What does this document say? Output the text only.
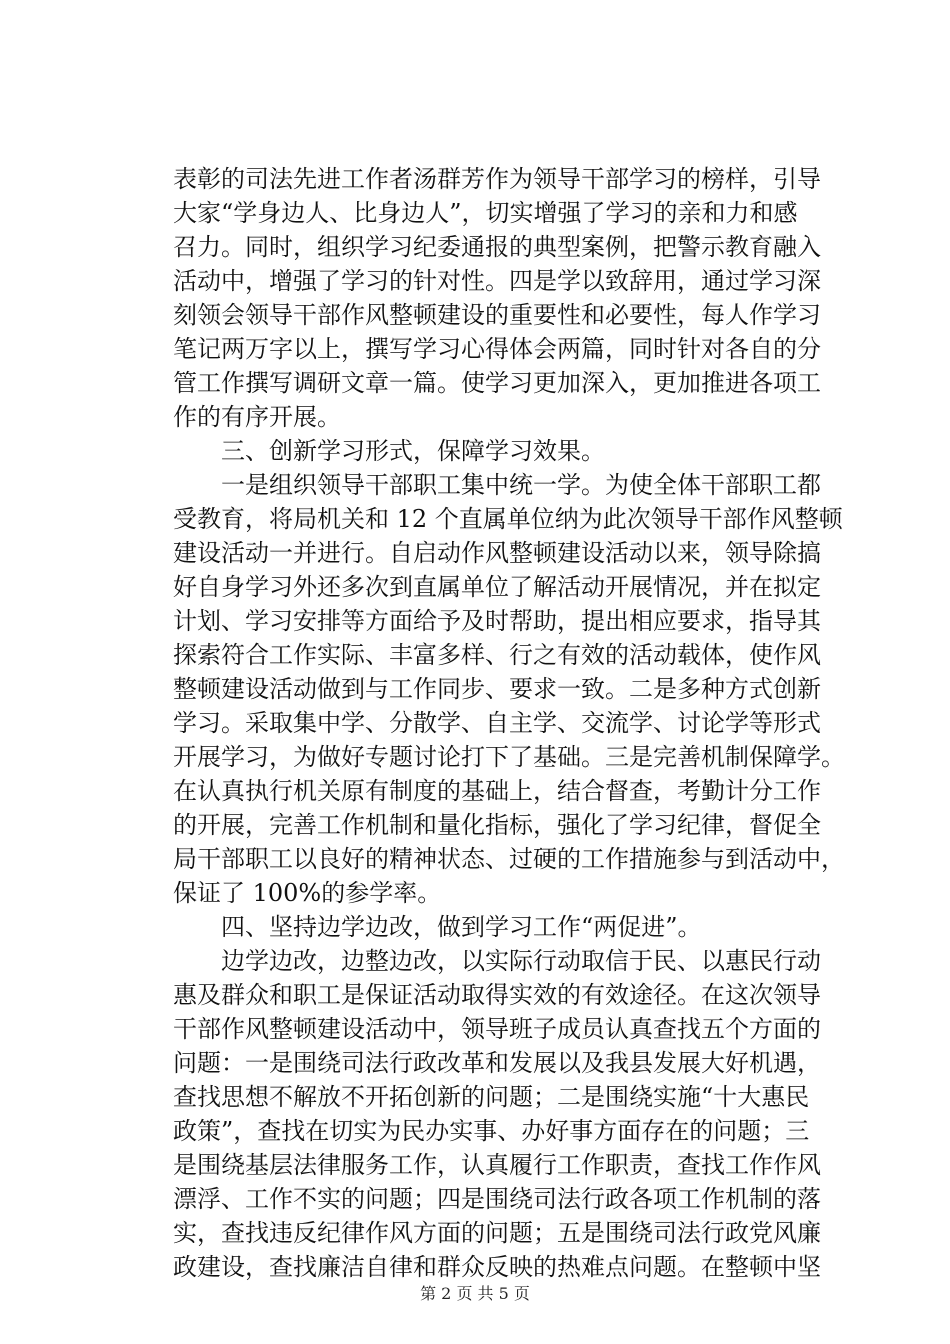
表彰的司法先进工作者汤群芳作为领导干部学习的榜样，引导
大家“学身边人、比身边人”，切实增强了学习的亲和力和感
召力。同时，组织学习纪委通报的典型案例，把警示教育融入
活动中，增强了学习的针对性。四是学以致辞用，通过学习深
刻领会领导干部作风整顿建设的重要性和必要性，每人作学习
笔记两万字以上，撰写学习心得体会两篇，同时针对各自的分
管工作撰写调研文章一篇。使学习更加深入，更加推进各项工
作的有序开展。
三、创新学习形式，保障学习效果。
一是组织领导干部职工集中统一学。为使全体干部职工都
受教育，将局机关和 12 个直属单位纳为此次领导干部作风整顿
建设活动一并进行。自启动作风整顿建设活动以来，领导除搞
好自身学习外还多次到直属单位了解活动开展情况，并在拟定
计划、学习安排等方面给予及时帮助，提出相应要求，指导其
探索符合工作实际、丰富多样、行之有效的活动载体，使作风
整顿建设活动做到与工作同步、要求一致。二是多种方式创新
学习。采取集中学、分散学、自主学、交流学、讨论学等形式
开展学习，为做好专题讨论打下了基础。三是完善机制保障学。
在认真执行机关原有制度的基础上，结合督查，考勤计分工作
的开展，完善工作机制和量化指标，强化了学习纪律，督促全
局干部职工以良好的精神状态、过硬的工作措施参与到活动中，
保证了 100%的参学率。
四、坚持边学边改，做到学习工作“两促进”。
边学边改，边整边改，以实际行动取信于民、以惠民行动
惠及群众和职工是保证活动取得实效的有效途径。在这次领导
干部作风整顿建设活动中，领导班子成员认真查找五个方面的
问题：一是围绕司法行政改革和发展以及我县发展大好机遇，
查找思想不解放不开拓创新的问题；二是围绕实施“十大惠民
政策”，查找在切实为民办实事、办好事方面存在的问题；三
是围绕基层法律服务工作，认真履行工作职责，查找工作作风
漂浮、工作不实的问题；四是围绕司法行政各项工作机制的落
实，查找违反纪律作风方面的问题；五是围绕司法行政党风廉
政建设，查找廉洁自律和群众反映的热难点问题。在整顿中坚
第 2 页 共 5 页
